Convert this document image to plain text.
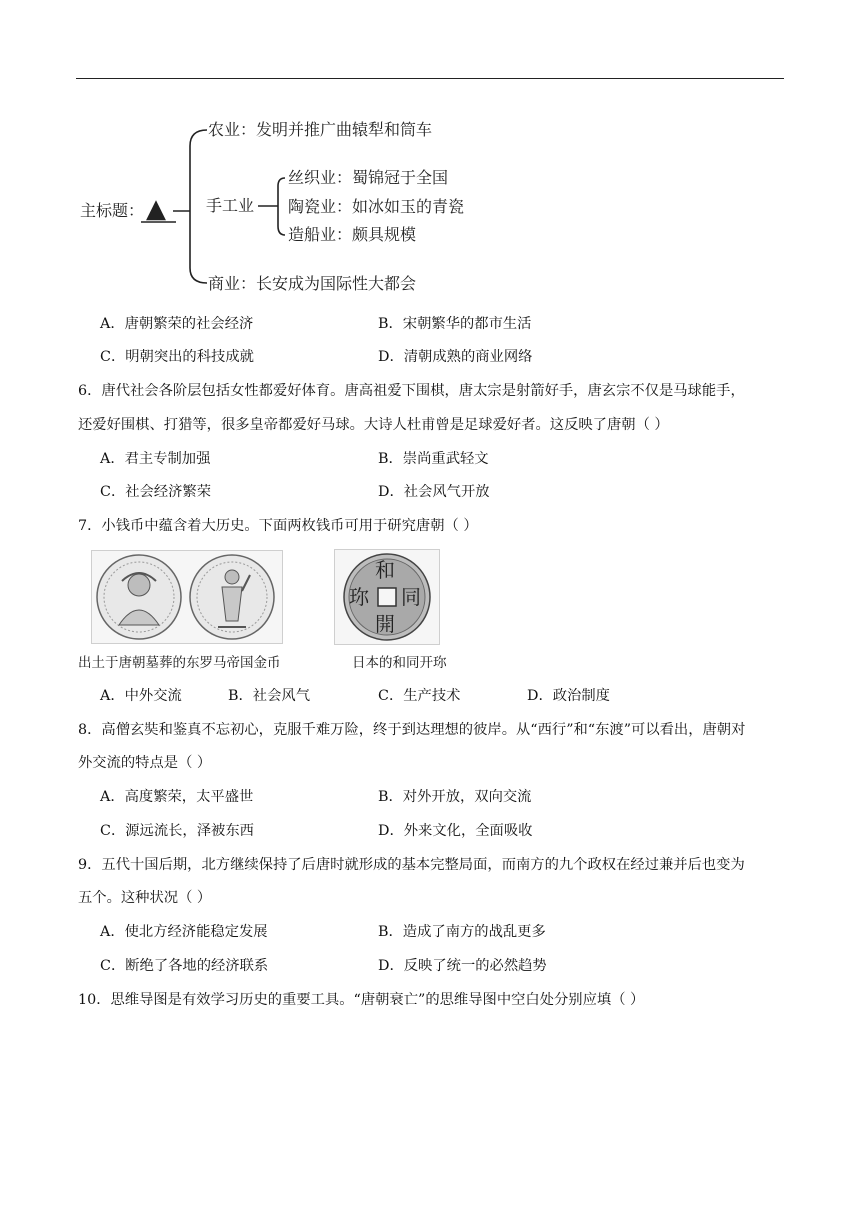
主标题： ▲
农业：发明并推广曲辕犁和筒车
手工业
丝织业：蜀锦冠于全国
陶瓷业：如冰如玉的青瓷
造船业：颇具规模
商业：长安成为国际性大都会
A．唐朝繁荣的社会经济	B．宋朝繁华的都市生活
C．明朝突出的科技成就	D．清朝成熟的商业网络
6．唐代社会各阶层包括女性都爱好体育。唐高祖爱下围棋，唐太宗是射箭好手，唐玄宗不仅是马球能手，
还爱好围棋、打猎等，很多皇帝都爱好马球。大诗人杜甫曾是足球爱好者。这反映了唐朝（ ）
A．君主专制加强	B．崇尚重武轻文
C．社会经济繁荣	D．社会风气开放
7．小钱币中蕴含着大历史。下面两枚钱币可用于研究唐朝（ ）
和
同
開
珎
出土于唐朝墓葬的东罗马帝国金币	日本的和同开珎
A．中外交流	B．社会风气	C．生产技术	D．政治制度
8．高僧玄奘和鉴真不忘初心，克服千难万险，终于到达理想的彼岸。从“西行”和“东渡”可以看出，唐朝对
外交流的特点是（ ）
A．高度繁荣，太平盛世	B．对外开放，双向交流
C．源远流长，泽被东西	D．外来文化，全面吸收
9．五代十国后期，北方继续保持了后唐时就形成的基本完整局面，而南方的九个政权在经过兼并后也变为
五个。这种状况（ ）
A．使北方经济能稳定发展	B．造成了南方的战乱更多
C．断绝了各地的经济联系	D．反映了统一的必然趋势
10．思维导图是有效学习历史的重要工具。“唐朝衰亡”的思维导图中空白处分别应填（ ）
